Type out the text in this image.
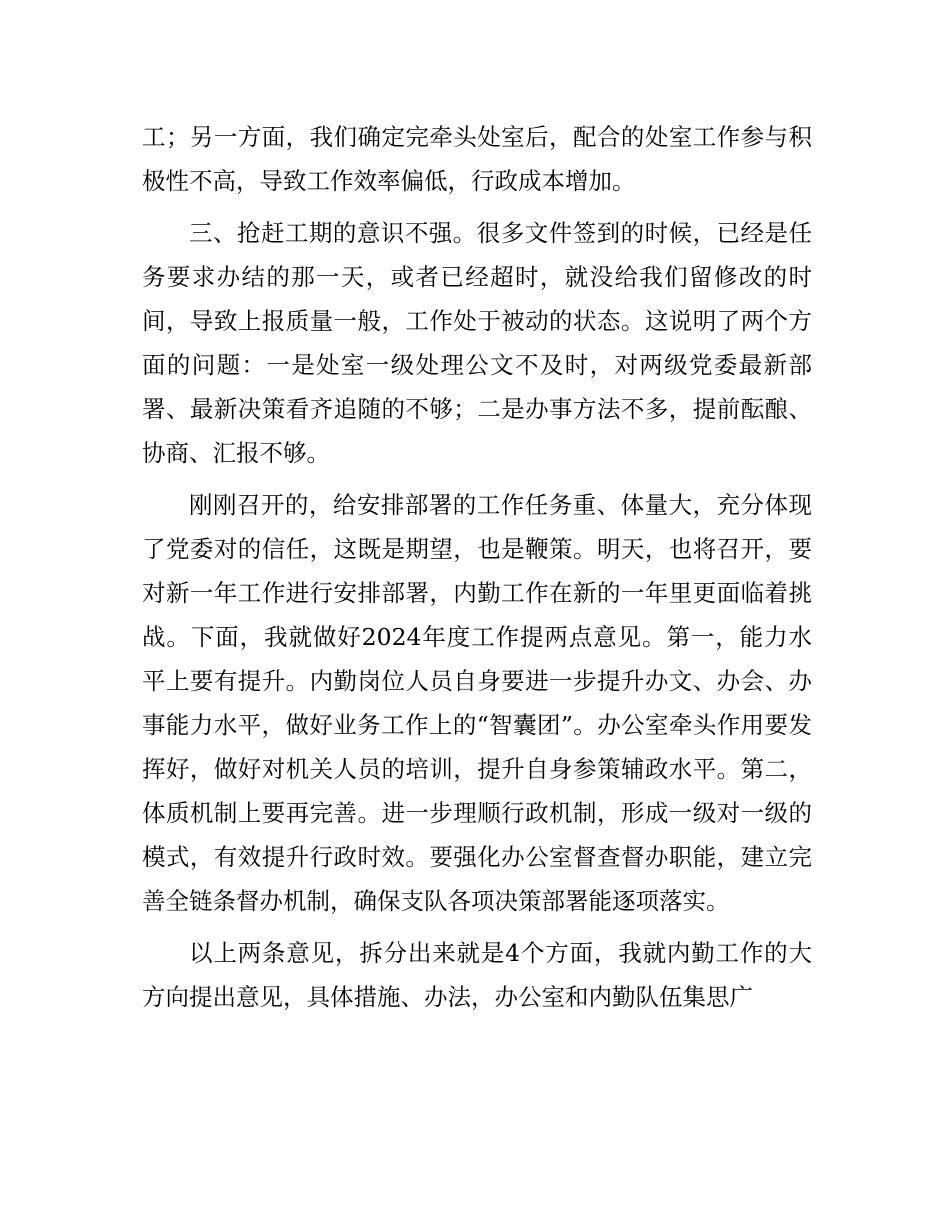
工；另一方面，我们确定完牵头处室后，配合的处室工作参与积极性不高，导致工作效率偏低，行政成本增加。

三、抢赶工期的意识不强。很多文件签到的时候，已经是任务要求办结的那一天，或者已经超时，就没给我们留修改的时间，导致上报质量一般，工作处于被动的状态。这说明了两个方面的问题：一是处室一级处理公文不及时，对两级党委最新部署、最新决策看齐追随的不够；二是办事方法不多，提前酝酿、协商、汇报不够。

刚刚召开的，给安排部署的工作任务重、体量大，充分体现了党委对的信任，这既是期望，也是鞭策。明天，也将召开，要对新一年工作进行安排部署，内勤工作在新的一年里更面临着挑战。下面，我就做好2024年度工作提两点意见。第一，能力水平上要有提升。内勤岗位人员自身要进一步提升办文、办会、办事能力水平，做好业务工作上的“智囊团”。办公室牵头作用要发挥好，做好对机关人员的培训，提升自身参策辅政水平。第二，体质机制上要再完善。进一步理顺行政机制，形成一级对一级的模式，有效提升行政时效。要强化办公室督查督办职能，建立完善全链条督办机制，确保支队各项决策部署能逐项落实。

以上两条意见，拆分出来就是4个方面，我就内勤工作的大方向提出意见，具体措施、办法，办公室和内勤队伍集思广
